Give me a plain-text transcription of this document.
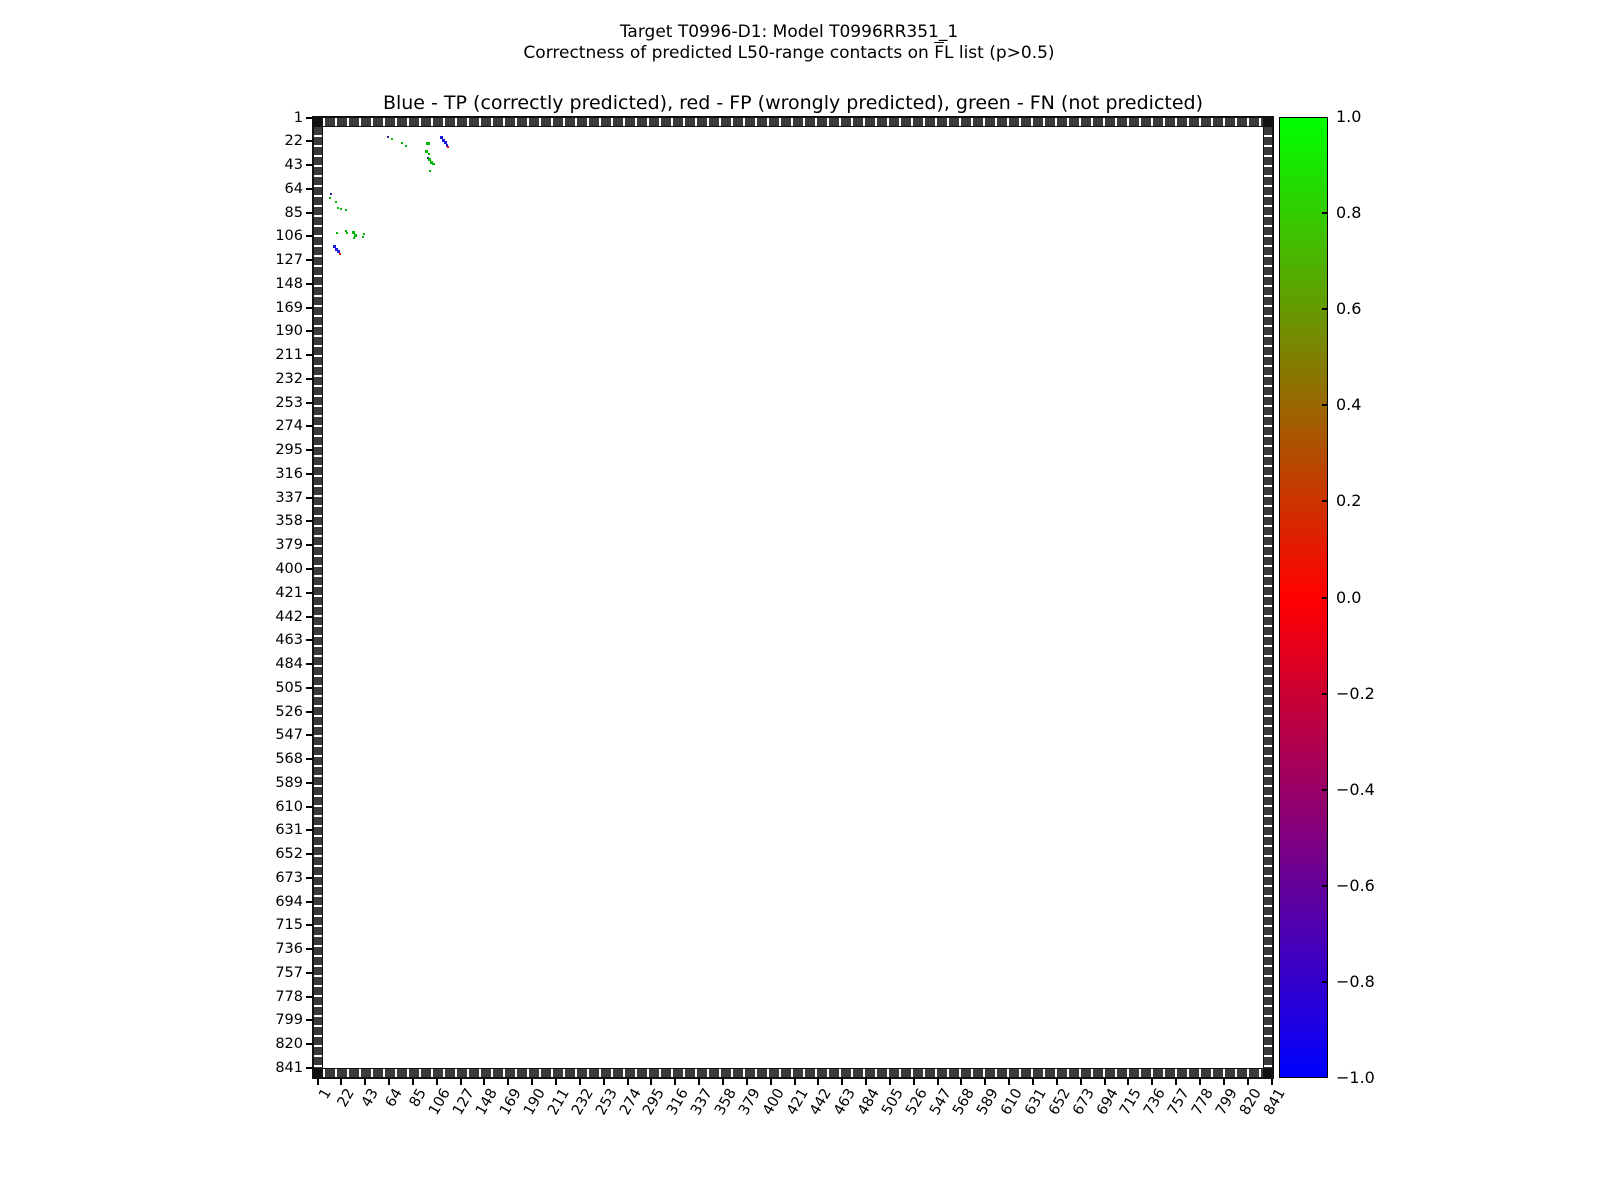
Target T0996-D1: Model T0996RR351_1
Correctness of predicted L50-range contacts on $\overline{F}L$ list (p>0.5)
Blue - TP (correctly predicted), red - FP (wrongly predicted), green - FN (not predicted)
1
22
43
64
85
106
127
148
169
190
211
232
253
274
295
316
337
358
379
400
421
442
463
484
505
526
547
568
589
610
631
652
673
694
715
736
757
778
799
820
841
1 22 43 64 85
106
127
148
169
190
211
232
253
274
295
316
337
358
379
400
421
442
463
484
505
526
547
568
589
610
631
652
673
694
715
736
757
778
799
820
841
1.0
0.8
0.6
0.4
0.2
0.0
−0.2
−0.4
−0.6
−0.8
−1.0
